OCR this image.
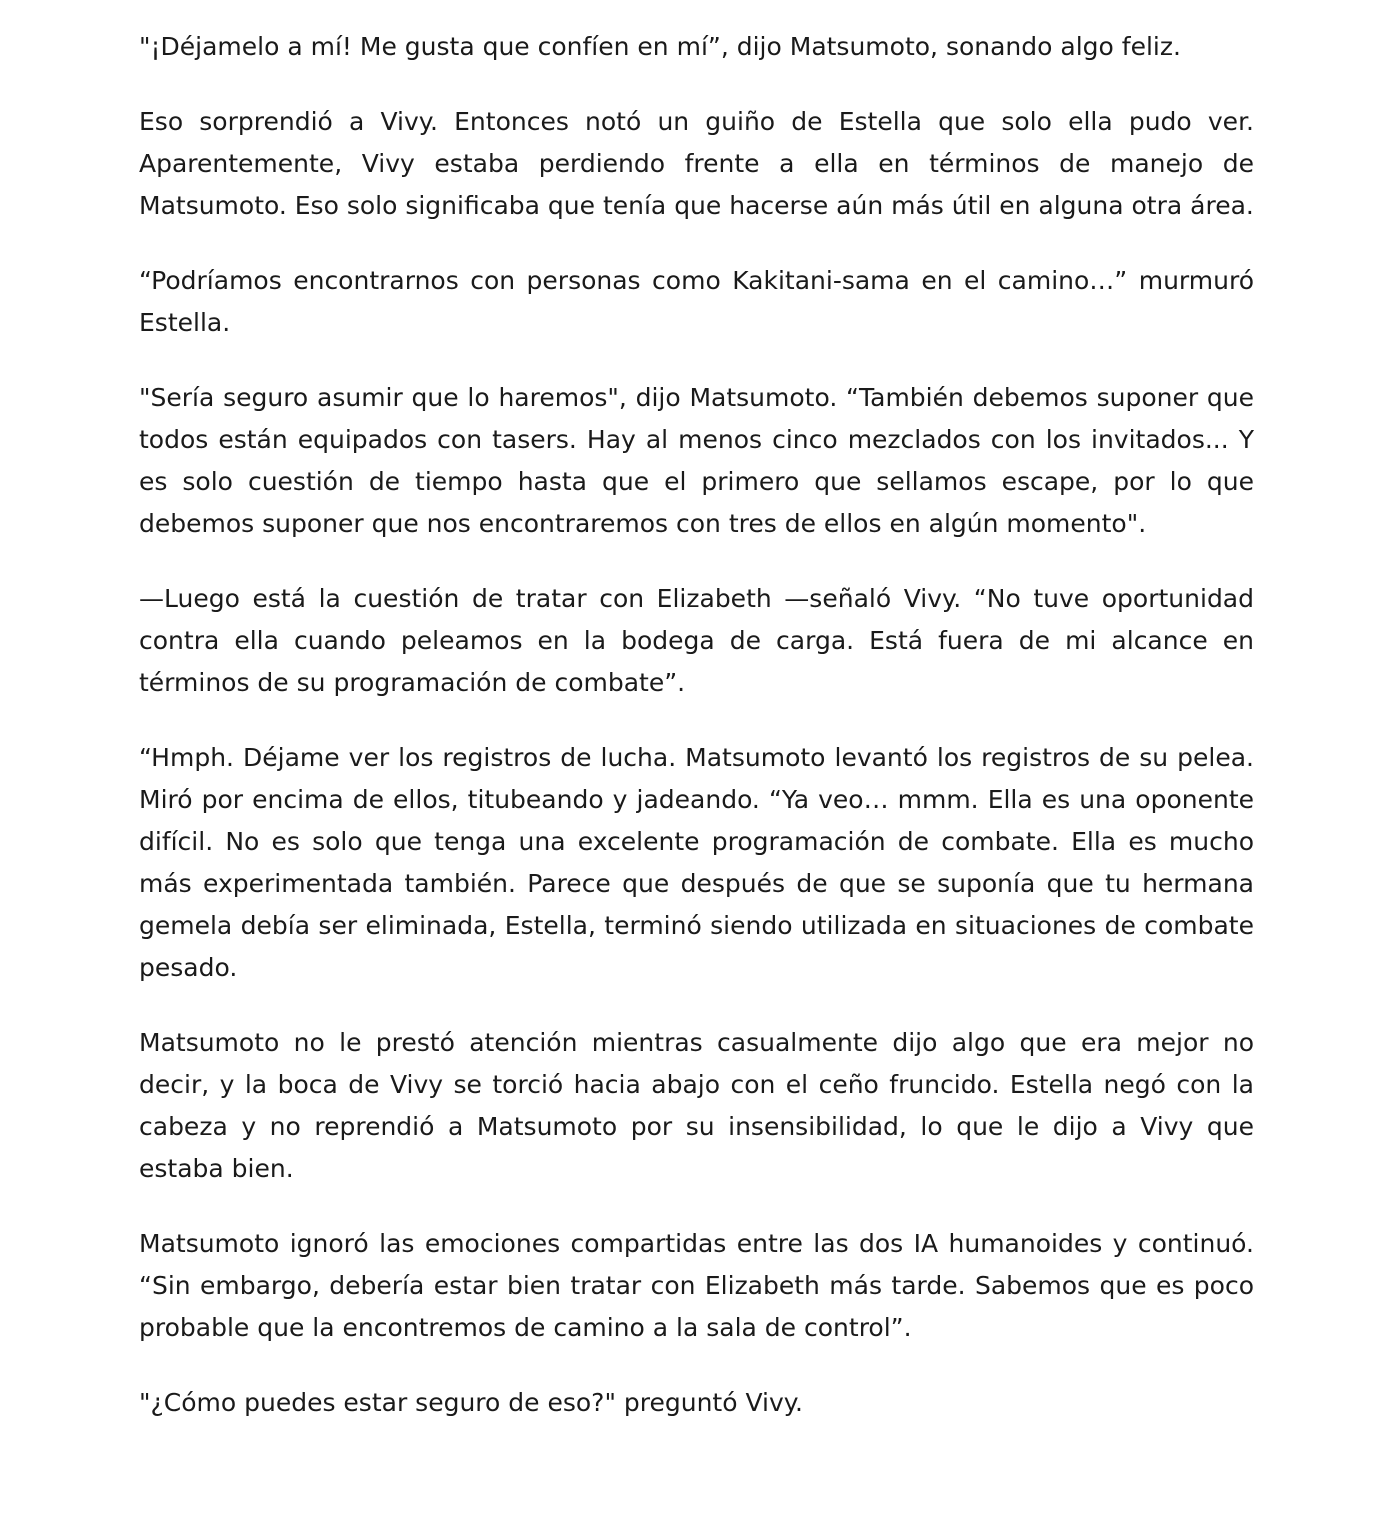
"¡Déjamelo a mí! Me gusta que confíen en mí”, dijo Matsumoto, sonando algo feliz.

Eso sorprendió a Vivy. Entonces notó un guiño de Estella que solo ella pudo ver. Aparentemente, Vivy estaba perdiendo frente a ella en términos de manejo de Matsumoto. Eso solo significaba que tenía que hacerse aún más útil en alguna otra área.

“Podríamos encontrarnos con personas como Kakitani-sama en el camino…” murmuró Estella.

"Sería seguro asumir que lo haremos", dijo Matsumoto. “También debemos suponer que todos están equipados con tasers. Hay al menos cinco mezclados con los invitados... Y es solo cuestión de tiempo hasta que el primero que sellamos escape, por lo que debemos suponer que nos encontraremos con tres de ellos en algún momento".

—Luego está la cuestión de tratar con Elizabeth —señaló Vivy. “No tuve oportunidad contra ella cuando peleamos en la bodega de carga. Está fuera de mi alcance en términos de su programación de combate”.

“Hmph. Déjame ver los registros de lucha. Matsumoto levantó los registros de su pelea. Miró por encima de ellos, titubeando y jadeando. “Ya veo… mmm. Ella es una oponente difícil. No es solo que tenga una excelente programación de combate. Ella es mucho más experimentada también. Parece que después de que se suponía que tu hermana gemela debía ser eliminada, Estella, terminó siendo utilizada en situaciones de combate pesado.

Matsumoto no le prestó atención mientras casualmente dijo algo que era mejor no decir, y la boca de Vivy se torció hacia abajo con el ceño fruncido. Estella negó con la cabeza y no reprendió a Matsumoto por su insensibilidad, lo que le dijo a Vivy que estaba bien.

Matsumoto ignoró las emociones compartidas entre las dos IA humanoides y continuó. “Sin embargo, debería estar bien tratar con Elizabeth más tarde. Sabemos que es poco probable que la encontremos de camino a la sala de control”.

"¿Cómo puedes estar seguro de eso?" preguntó Vivy.
